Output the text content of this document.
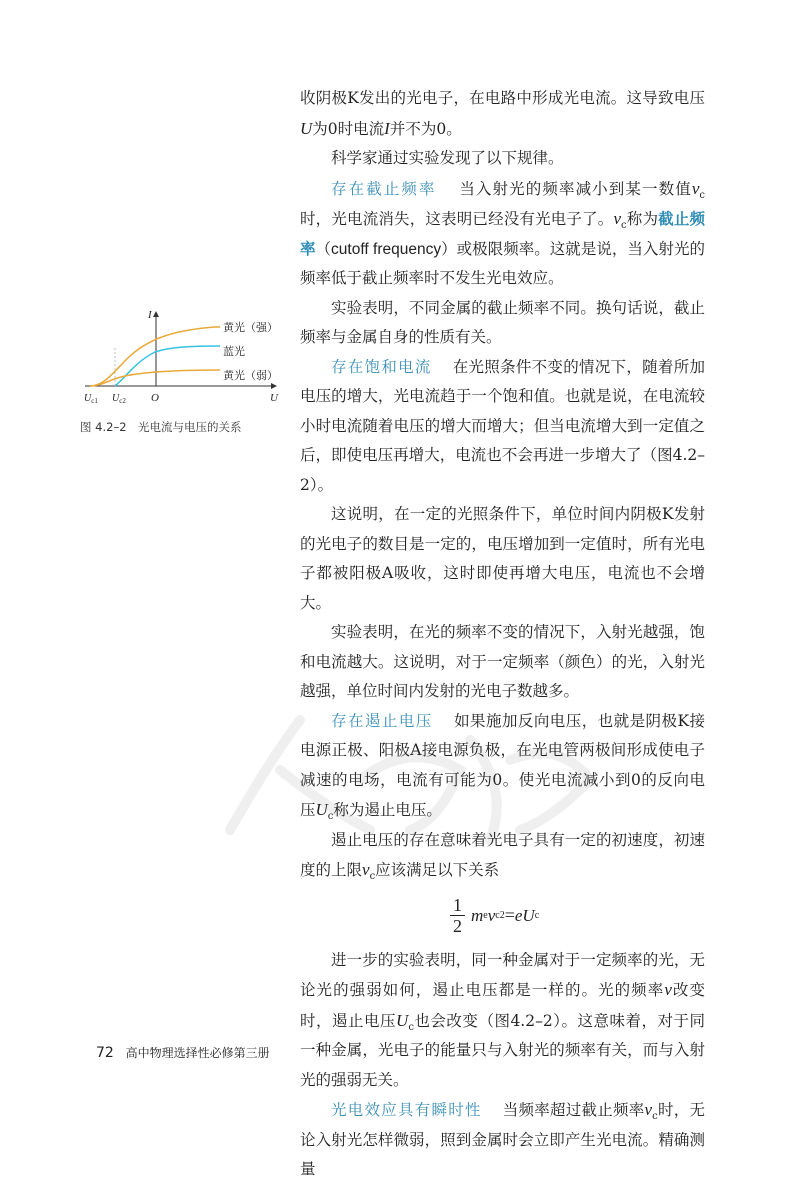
收阴极K发出的光电子，在电路中形成光电流。这导致电压U为0时电流I并不为0。

科学家通过实验发现了以下规律。

存在截止频率　 当入射光的频率减小到某一数值$\nu_c$时，光电流消失，这表明已经没有光电子了。$\nu_c$称为截止频率（cutoff frequency）或极限频率。这就是说，当入射光的频率低于截止频率时不发生光电效应。

实验表明，不同金属的截止频率不同。换句话说，截止频率与金属自身的性质有关。

存在饱和电流　 在光照条件不变的情况下，随着所加电压的增大，光电流趋于一个饱和值。也就是说，在电流较小时电流随着电压的增大而增大；但当电流增大到一定值之后，即使电压再增大，电流也不会再进一步增大了（图4.2–2）。

这说明，在一定的光照条件下，单位时间内阴极K发射的光电子的数目是一定的，电压增加到一定值时，所有光电子都被阳极A吸收，这时即使再增大电压，电流也不会增大。

实验表明，在光的频率不变的情况下，入射光越强，饱和电流越大。这说明，对于一定频率（颜色）的光，入射光越强，单位时间内发射的光电子数越多。

存在遏止电压　 如果施加反向电压，也就是阴极K接电源正极、阳极A接电源负极，在光电管两极间形成使电子减速的电场，电流有可能为0。使光电流减小到0的反向电压$U_c$称为遏止电压。

遏止电压的存在意味着光电子具有一定的初速度，初速度的上限$v_c$应该满足以下关系

$\frac{1}{2}$ m e v c 2 = eU c

进一步的实验表明，同一种金属对于一定频率的光，无论光的强弱如何，遏止电压都是一样的。光的频率ν改变时，遏止电压$U_c$也会改变（图4.2–2）。这意味着，对于同一种金属，光电子的能量只与入射光的频率有关，而与入射光的强弱无关。

光电效应具有瞬时性　 当频率超过截止频率$\nu_c$时，无论入射光怎样微弱，照到金属时会立即产生光电流。精确测量

I
U
O
$U_{c1}$ $U_{c2}$
黄光（强）
蓝光
黄光（弱）
图 4.2–2　光电流与电压的关系
72 高中物理选择性必修第三册
